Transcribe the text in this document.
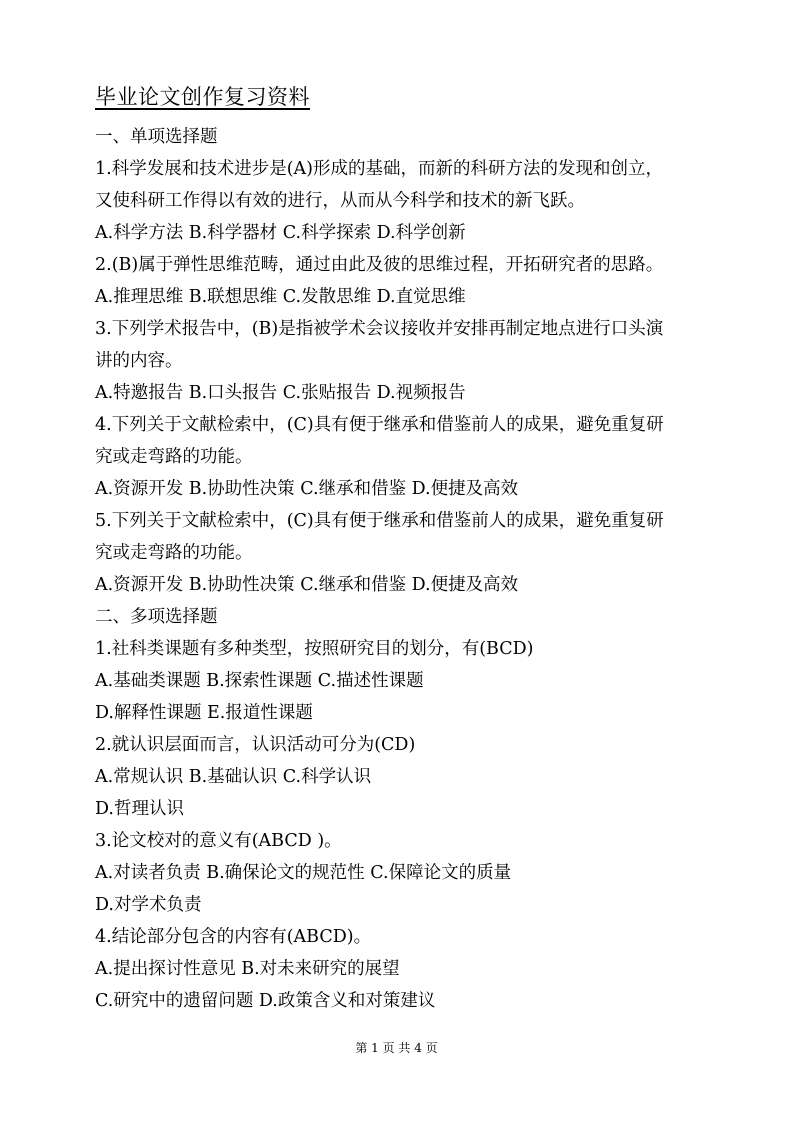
毕业论文创作复习资料
一、单项选择题
1.科学发展和技术进步是(A)形成的基础，而新的科研方法的发现和创立，
又使科研工作得以有效的进行，从而从今科学和技术的新飞跃。
A.科学方法 B.科学器材 C.科学探索 D.科学创新
2.(B)属于弹性思维范畴，通过由此及彼的思维过程，开拓研究者的思路。
A.推理思维 B.联想思维 C.发散思维 D.直觉思维
3.下列学术报告中，(B)是指被学术会议接收并安排再制定地点进行口头演
讲的内容。
A.特邀报告 B.口头报告 C.张贴报告 D.视频报告
4.下列关于文献检索中，(C)具有便于继承和借鉴前人的成果，避免重复研
究或走弯路的功能。
A.资源开发 B.协助性决策 C.继承和借鉴 D.便捷及高效
5.下列关于文献检索中，(C)具有便于继承和借鉴前人的成果，避免重复研
究或走弯路的功能。
A.资源开发 B.协助性决策 C.继承和借鉴 D.便捷及高效
二、多项选择题
1.社科类课题有多种类型，按照研究目的划分，有(BCD)
A.基础类课题 B.探索性课题 C.描述性课题
D.解释性课题 E.报道性课题
2.就认识层面而言，认识活动可分为(CD)
A.常规认识 B.基础认识 C.科学认识
D.哲理认识
3.论文校对的意义有(ABCD )。
A.对读者负责 B.确保论文的规范性 C.保障论文的质量
D.对学术负责
4.结论部分包含的内容有(ABCD)。
A.提出探讨性意见 B.对未来研究的展望
C.研究中的遗留问题 D.政策含义和对策建议
第 1 页 共 4 页
